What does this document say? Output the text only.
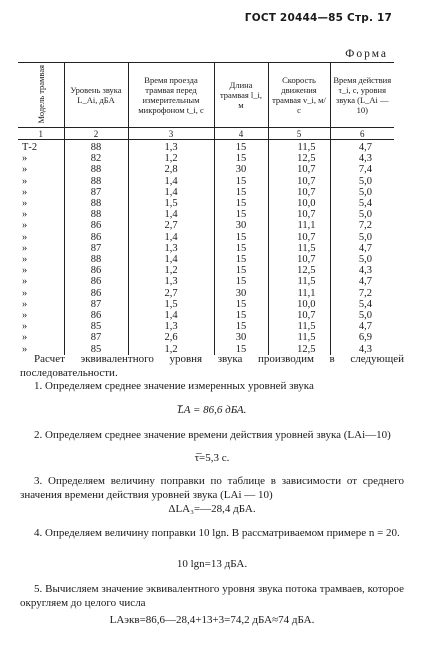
ГОСТ 20444—85 Стр. 17
Форма
Модель трамвая	Уровень звука L_Ai, дБА	Время проезда трамвая перед измерительным микрофоном t_i, с	Длина трамвая l_i, м	Скорость движения трамвая v_i, м/с	Время действия τ_i, с, уровня звука (L_Ai — 10)
1	2	3	4	5	6
Т-2	88	1,3	15	11,5	4,7
»	82	1,2	15	12,5	4,3
»	88	2,8	30	10,7	7,4
»	88	1,4	15	10,7	5,0
»	87	1,4	15	10,7	5,0
»	88	1,5	15	10,0	5,4
»	88	1,4	15	10,7	5,0
»	86	2,7	30	11,1	7,2
»	86	1,4	15	10,7	5,0
»	87	1,3	15	11,5	4,7
»	88	1,4	15	10,7	5,0
»	86	1,2	15	12,5	4,3
»	86	1,3	15	11,5	4,7
»	86	2,7	30	11,1	7,2
»	87	1,5	15	10,0	5,4
»	86	1,4	15	10,7	5,0
»	85	1,3	15	11,5	4,7
»	87	2,6	30	11,5	6,9
»	85	1,2	15	12,5	4,3
Расчет эквивалентного уровня звука производим в следующей последовательности.
1. Определяем среднее значение измеренных уровней звука
L̅A = 86,6 дБА.
2. Определяем среднее значение времени действия уровней звука (LAi—10)
τ̅=5,3 с.
3. Определяем величину поправки по таблице в зависимости от среднего значения времени действия уровней звука (LAi — 10)
ΔLA₃=—28,4 дБА.
4. Определяем величину поправки 10 lgn. В рассматриваемом примере n = 20.
10 lgn=13 дБА.
5. Вычисляем значение эквивалентного уровня звука потока трамваев, которое округляем до целого числа
LАэкв=86,6—28,4+13+3=74,2 дБА≈74 дБА.
